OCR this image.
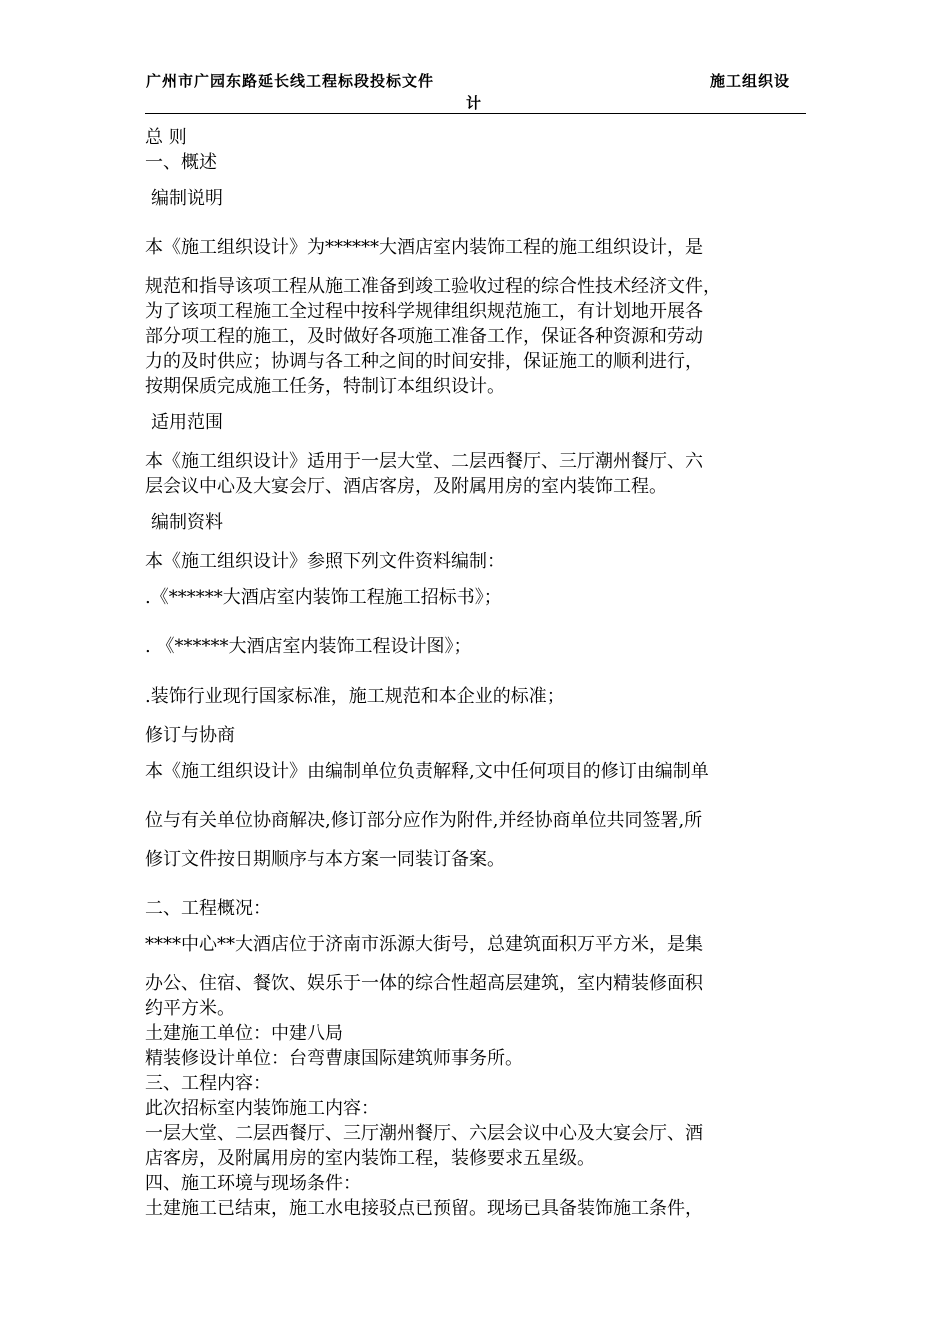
广州市广园东路延长线工程标段投标文件	施工组织设
计
总 则
一、概述
编制说明
本《施工组织设计》为******大酒店室内装饰工程的施工组织设计，是
规范和指导该项工程从施工准备到竣工验收过程的综合性技术经济文件，
为了该项工程施工全过程中按科学规律组织规范施工，有计划地开展各
部分项工程的施工，及时做好各项施工准备工作，保证各种资源和劳动
力的及时供应；协调与各工种之间的时间安排，保证施工的顺利进行，
按期保质完成施工任务，特制订本组织设计。
适用范围
本《施工组织设计》适用于一层大堂、二层西餐厅、三厅潮州餐厅、六
层会议中心及大宴会厅、酒店客房，及附属用房的室内装饰工程。
编制资料
本《施工组织设计》参照下列文件资料编制：
.《******大酒店室内装饰工程施工招标书》；
. 《******大酒店室内装饰工程设计图》；
.装饰行业现行国家标准，施工规范和本企业的标准；
修订与协商
本《施工组织设计》由编制单位负责解释,文中任何项目的修订由编制单
位与有关单位协商解决,修订部分应作为附件,并经协商单位共同签署,所
修订文件按日期顺序与本方案一同装订备案。
二、工程概况：
****中心**大酒店位于济南市泺源大街号，总建筑面积万平方米，是集
办公、住宿、餐饮、娱乐于一体的综合性超高层建筑，室内精装修面积
约平方米。
土建施工单位：中建八局
精装修设计单位：台弯曹康国际建筑师事务所。
三、工程内容：
此次招标室内装饰施工内容：
一层大堂、二层西餐厅、三厅潮州餐厅、六层会议中心及大宴会厅、酒
店客房，及附属用房的室内装饰工程，装修要求五星级。
四、施工环境与现场条件：
土建施工已结束，施工水电接驳点已预留。现场已具备装饰施工条件，
